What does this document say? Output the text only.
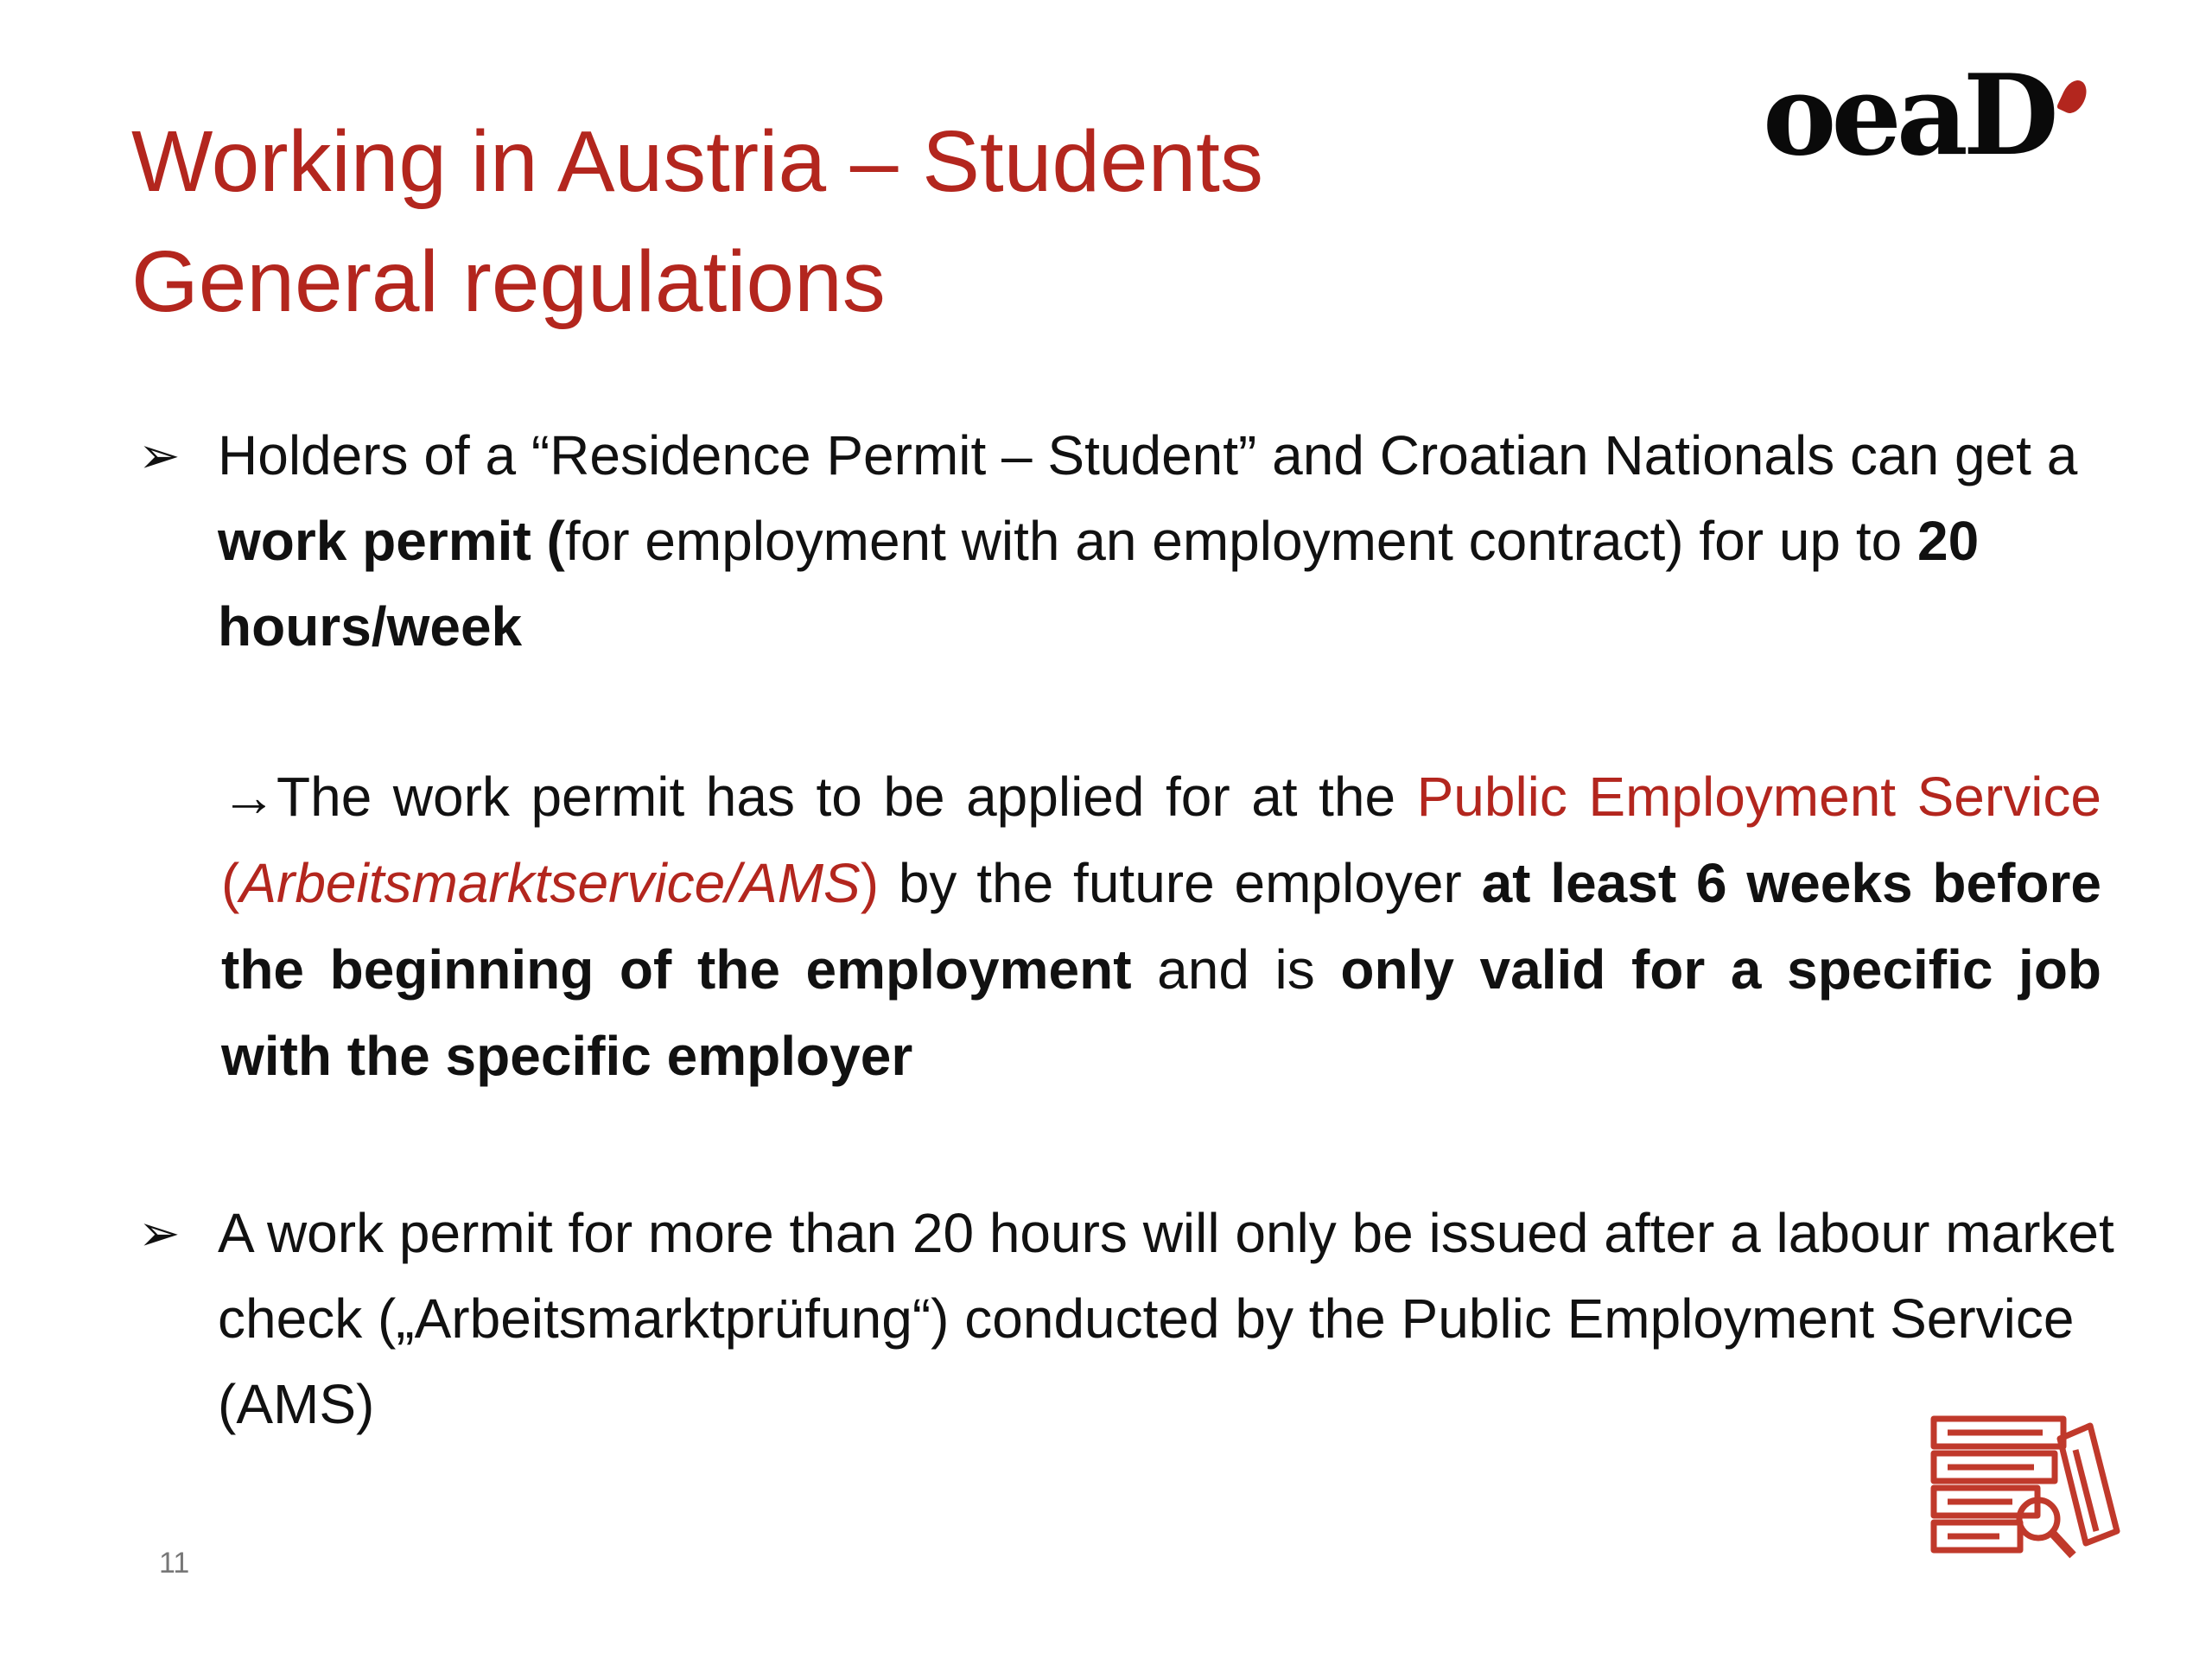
Working in Austria – Students
General regulations
oeaD
➢ Holders of a “Residence Permit – Student” and Croatian Nationals can get a work permit (for employment with an employment contract) for up to 20 hours/week
→The work permit has to be applied for at the Public Employment Service (Arbeitsmarktservice/AMS) by the future employer at least 6 weeks before the beginning of the employment and is only valid for a specific job with the specific employer
➢ A work permit for more than 20 hours will only be issued after a labour market check („Arbeitsmarktprüfung“) conducted by the Public Employment Service (AMS)
11
